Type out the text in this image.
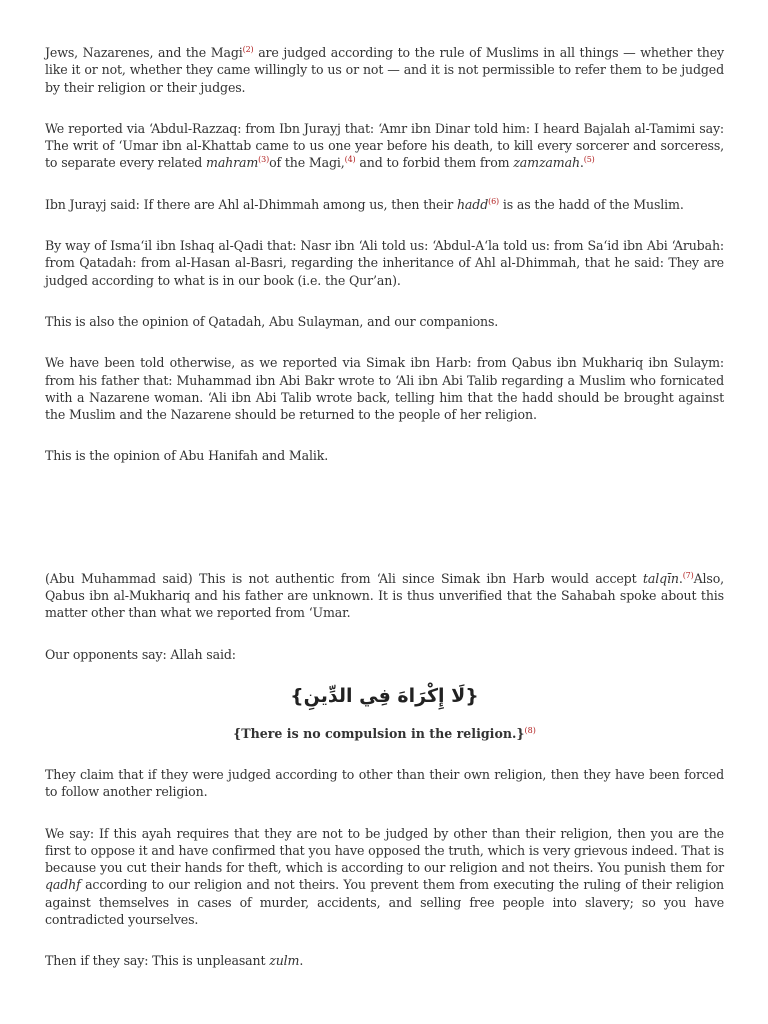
Jews, Nazarenes, and the Magi$^{(2)}$ are judged according to the rule of Muslims in all things — whether they like it or not, whether they came willingly to us or not — and it is not permissible to refer them to be judged by their religion or their judges.

We reported via ‘Abdul-Razzaq: from Ibn Jurayj that: ‘Amr ibn Dinar told him: I heard Bajalah al-Tamimi say: The writ of ‘Umar ibn al-Khattab came to us one year before his death, to kill every sorcerer and sorceress, to separate every related mahram$^{(3)}$of the Magi,$^{(4)}$ and to forbid them from zamzamah.$^{(5)}$

Ibn Jurayj said: If there are Ahl al-Dhimmah among us, then their hadd$^{(6)}$ is as the hadd of the Muslim.

By way of Isma‘il ibn Ishaq al-Qadi that: Nasr ibn ‘Ali told us: ‘Abdul-A‘la told us: from Sa‘id ibn Abi ‘Arubah: from Qatadah: from al-Hasan al-Basri, regarding the inheritance of Ahl al-Dhimmah, that he said: They are judged according to what is in our book (i.e. the Qur’an).

This is also the opinion of Qatadah, Abu Sulayman, and our companions.

We have been told otherwise, as we reported via Simak ibn Harb: from Qabus ibn Mukhariq ibn Sulaym: from his father that: Muhammad ibn Abi Bakr wrote to ‘Ali ibn Abi Talib regarding a Muslim who fornicated with a Nazarene woman. ‘Ali ibn Abi Talib wrote back, telling him that the hadd should be brought against the Muslim and the Nazarene should be returned to the people of her religion.

This is the opinion of Abu Hanifah and Malik.

(Abu Muhammad said) This is not authentic from ‘Ali since Simak ibn Harb would accept talqīn.$^{(7)}$Also, Qabus ibn al-Mukhariq and his father are unknown. It is thus unverified that the Sahabah spoke about this matter other than what we reported from ‘Umar.

Our opponents say: Allah said:

{لَا إِكْرَاهَ فِي الدِّينِ}
{There is no compulsion in the religion.}$^{(8)}$

They claim that if they were judged according to other than their own religion, then they have been forced to follow another religion.

We say: If this ayah requires that they are not to be judged by other than their religion, then you are the first to oppose it and have confirmed that you have opposed the truth, which is very grievous indeed. That is because you cut their hands for theft, which is according to our religion and not theirs. You punish them for qadhf according to our religion and not theirs. You prevent them from executing the ruling of their religion against themselves in cases of murder, accidents, and selling free people into slavery; so you have contradicted yourselves.

Then if they say: This is unpleasant zulm.
